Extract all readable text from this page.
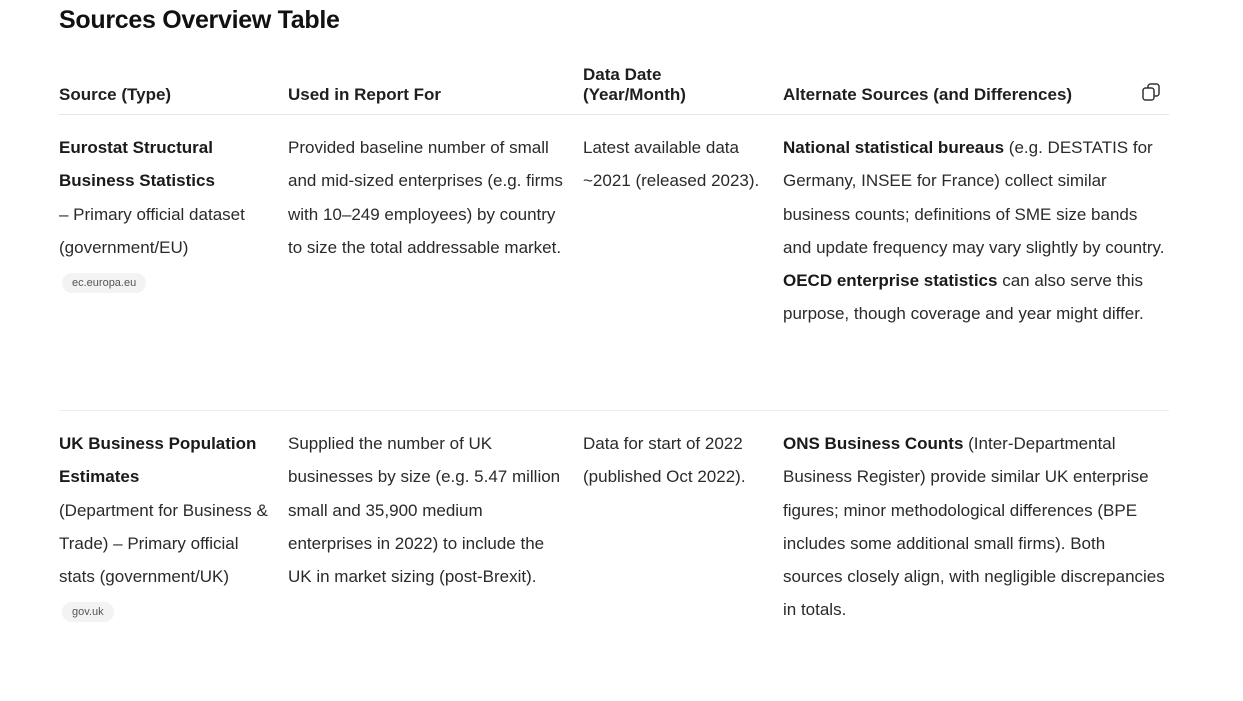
Sources Overview Table
Source (Type)	Used in Report For
Data Date (Year/Month)	Alternate Sources (and Differences)
Eurostat Structural Business Statistics
– Primary official dataset (government/EU)
ec.europa.eu
Provided baseline number of small and mid-sized enterprises (e.g. firms with 10–249 employees) by country to size the total addressable market.
Latest available data ~2021 (released 2023).
National statistical bureaus (e.g. DESTATIS for Germany, INSEE for France) collect similar business counts; definitions of SME size bands and update frequency may vary slightly by country. OECD enterprise statistics can also serve this purpose, though coverage and year might differ.
UK Business Population Estimates
(Department for Business & Trade) – Primary official stats (government/UK)
gov.uk
Supplied the number of UK businesses by size (e.g. 5.47 million small and 35,900 medium enterprises in 2022) to include the UK in market sizing (post-Brexit).
Data for start of 2022 (published Oct 2022).
ONS Business Counts (Inter-Departmental Business Register) provide similar UK enterprise figures; minor methodological differences (BPE includes some additional small firms). Both sources closely align, with negligible discrepancies in totals.
